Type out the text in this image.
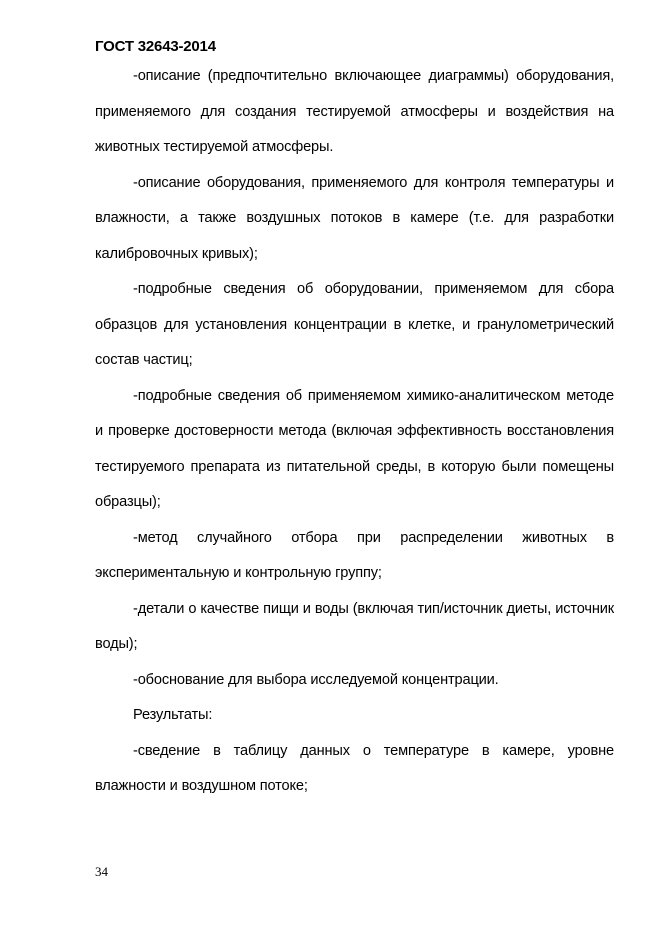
ГОСТ 32643-2014

-описание (предпочтительно включающее диаграммы) оборудования, применяемого для создания тестируемой атмосферы и воздействия на животных тестируемой атмосферы.

-описание оборудования, применяемого для контроля температуры и влажности, а также воздушных потоков в камере (т.е. для разработки калибровочных кривых);

-подробные сведения об оборудовании, применяемом для сбора образцов для установления концентрации в клетке, и гранулометрический состав частиц;

-подробные сведения об применяемом химико-аналитическом методе и проверке достоверности метода (включая эффективность восстановления тестируемого препарата из питательной среды, в которую были помещены образцы);

-метод случайного отбора при распределении животных в экспериментальную и контрольную группу;

-детали о качестве пищи и воды (включая тип/источник диеты, источник воды);

-обоснование для выбора исследуемой концентрации.

Результаты:

-сведение в таблицу данных о температуре в камере, уровне влажности и воздушном потоке;

34
